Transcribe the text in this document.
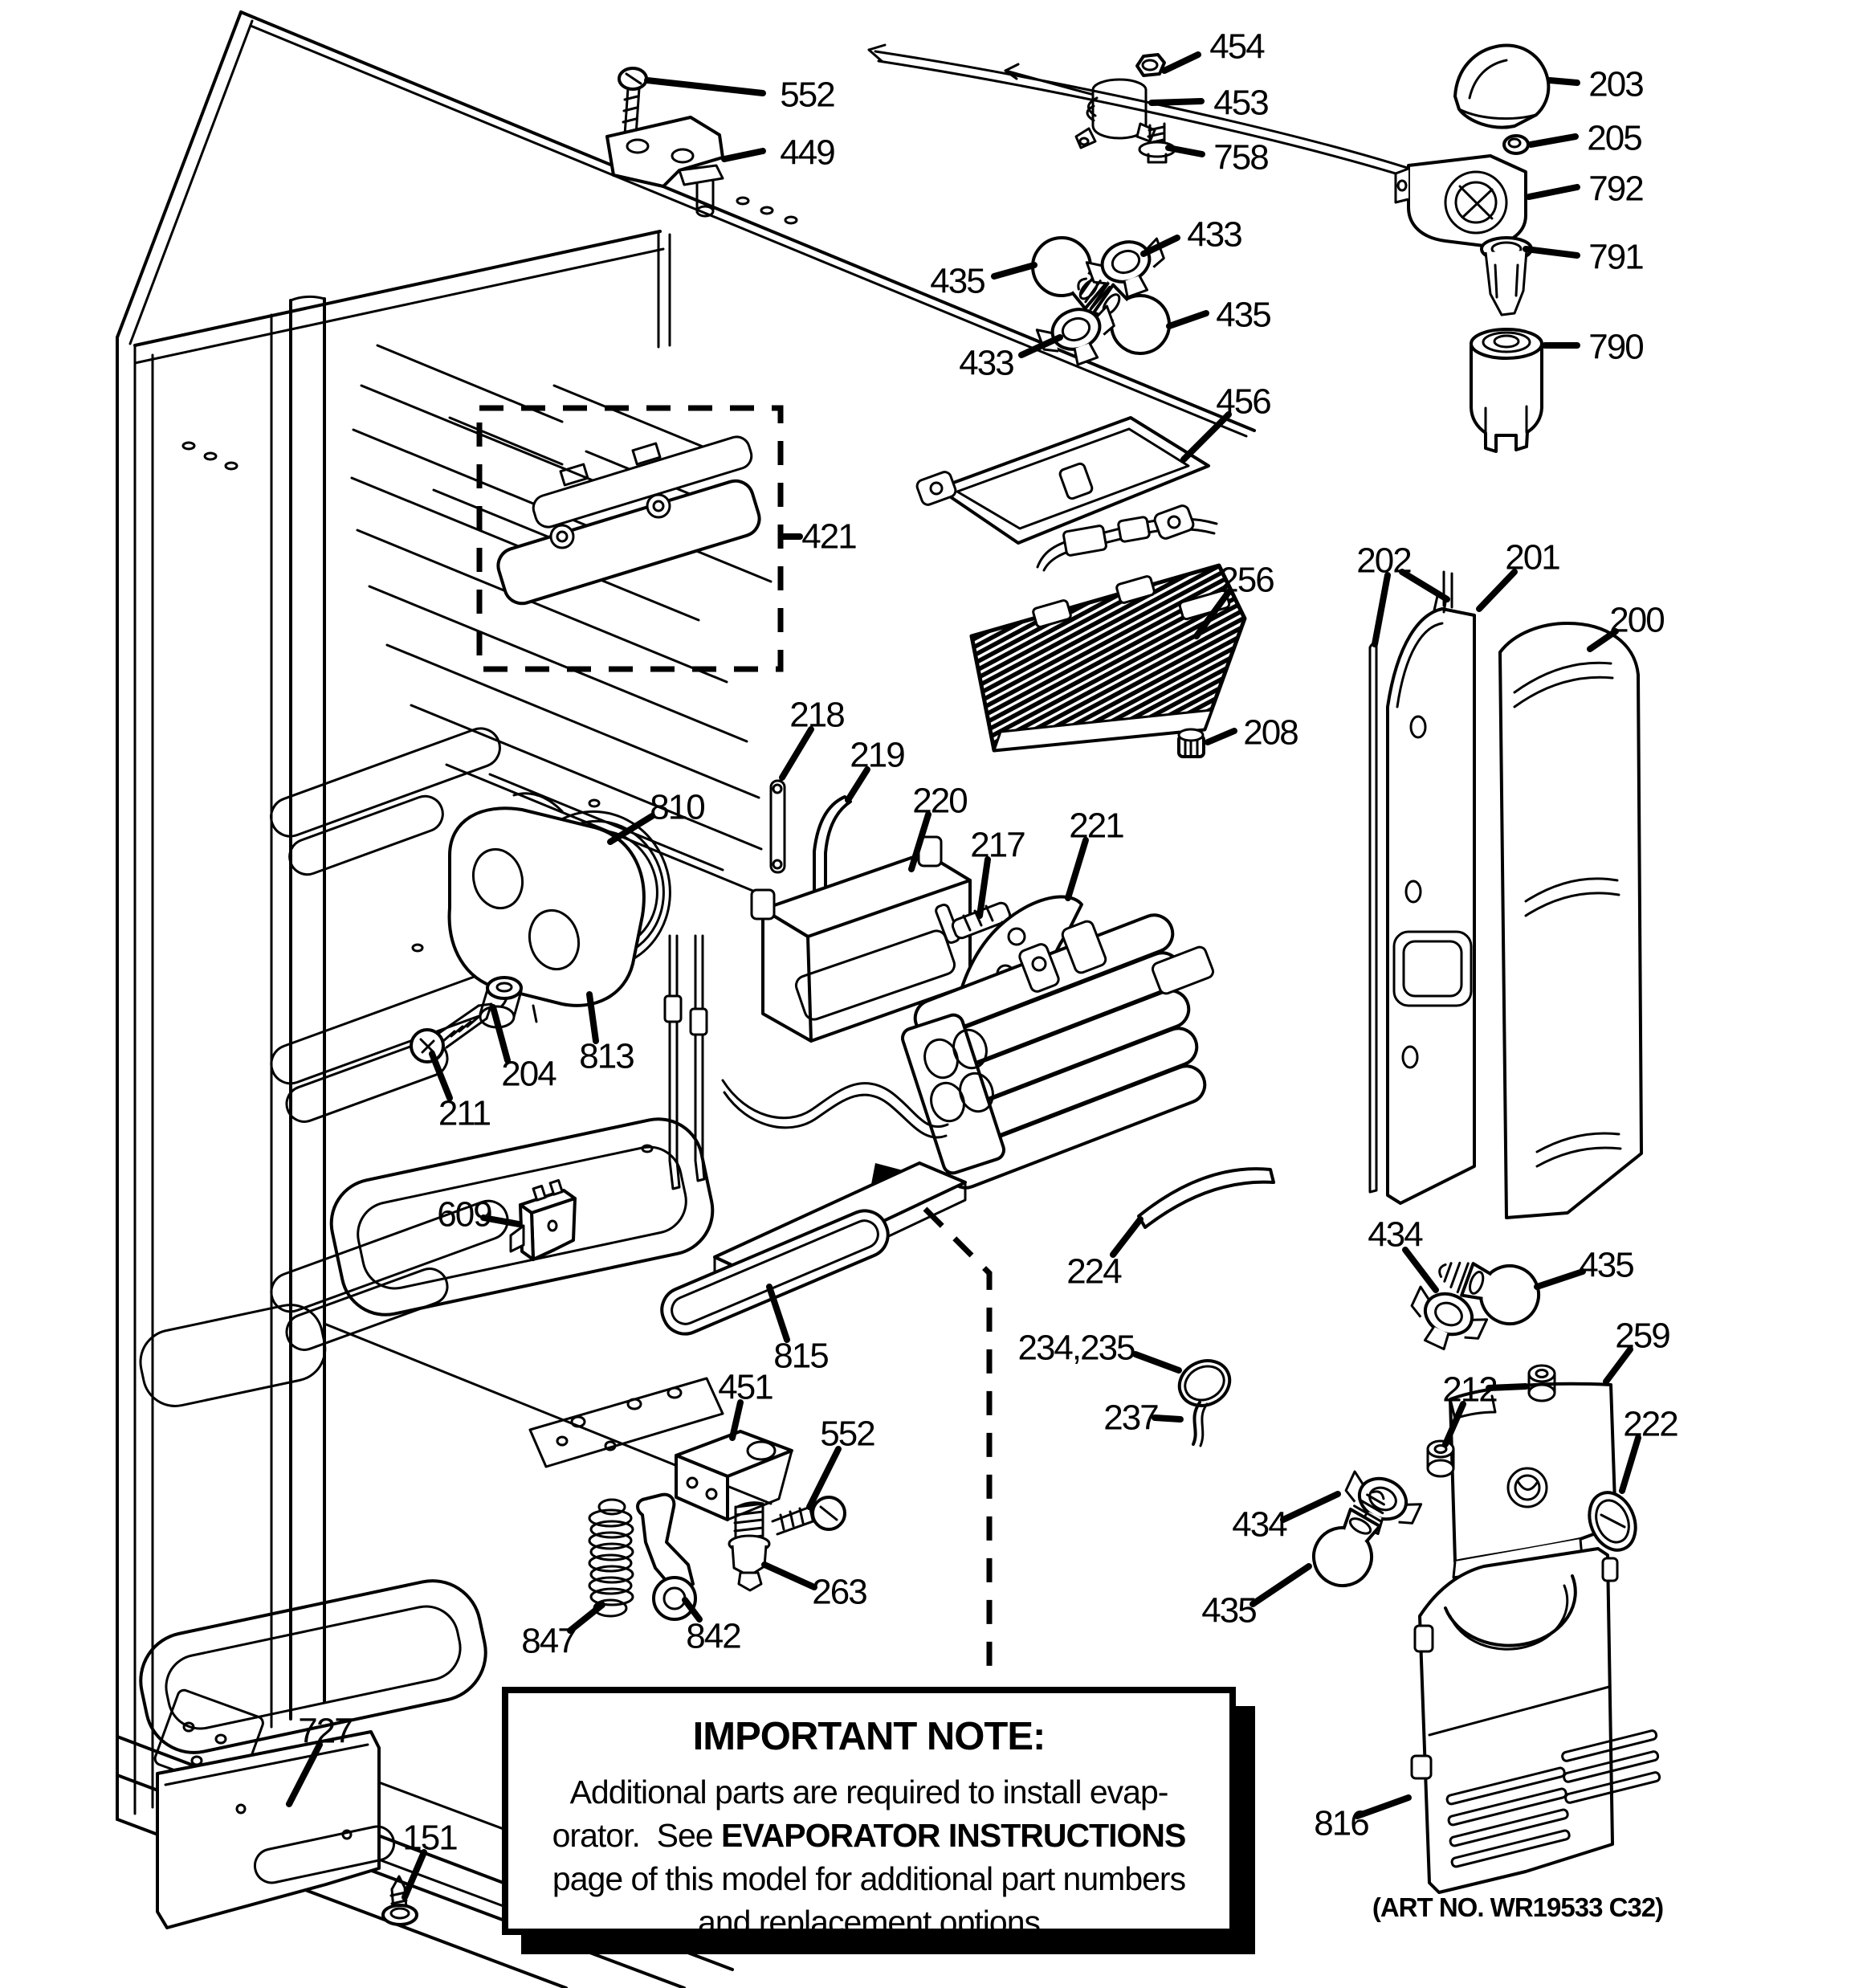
552
449
454
453
758
203
205
792
791
790
435
433
435
433
456
421
256
208
202	201
200
218
219
220
217 221
810
813
204
211
609
815
224
234,235
237
434
435
259
212
222
434
435
451
552
263
847	842
727
151	816
IMPORTANT NOTE:
Additional parts are required to install evap-
orator.  See EVAPORATOR INSTRUCTIONS
page of this model for additional part numbers
and replacement options	(ART NO. WR19533 C32)
